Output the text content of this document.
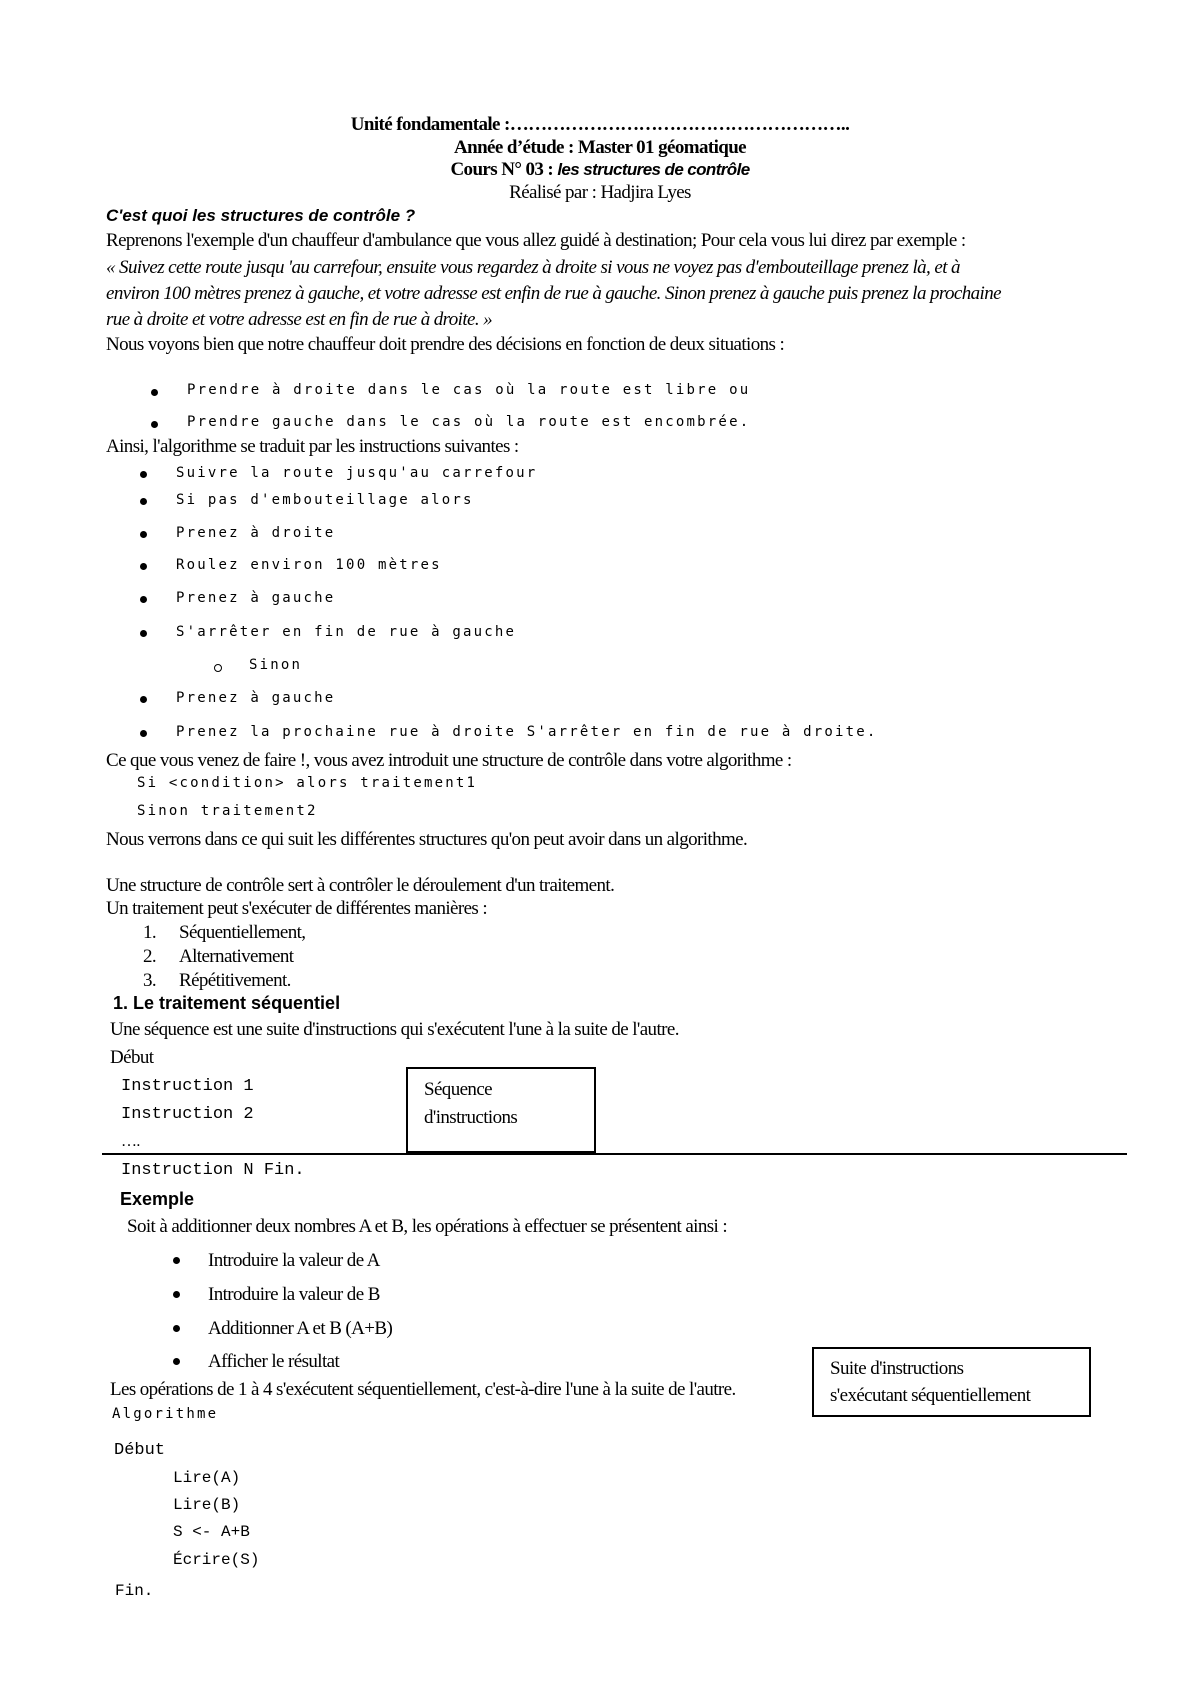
Unité fondamentale :………………………………………………..
Année d’étude : Master 01 géomatique
Cours N° 03 : les structures de contrôle
Réalisé par : Hadjira Lyes
C'est quoi les structures de contrôle ?
Reprenons l'exemple d'un chauffeur d'ambulance que vous allez guidé à destination; Pour cela vous lui direz par exemple :
« Suivez cette route jusqu 'au carrefour, ensuite vous regardez à droite si vous ne voyez pas d'embouteillage prenez là, et à
environ 100 mètres prenez à gauche, et votre adresse est enfin de rue à gauche. Sinon prenez à gauche puis prenez la prochaine
rue à droite et votre adresse est en fin de rue à droite. »
Nous voyons bien que notre chauffeur doit prendre des décisions en fonction de deux situations :
Prendre à droite dans le cas où la route est libre ou
Prendre gauche dans le cas où la route est encombrée.
Ainsi, l'algorithme se traduit par les instructions suivantes :
Suivre la route jusqu'au carrefour
Si pas d'embouteillage alors
Prenez à droite
Roulez environ 100 mètres
Prenez à gauche
S'arrêter en fin de rue à gauche
Sinon
Prenez à gauche
Prenez la prochaine rue à droite S'arrêter en fin de rue à droite.
Ce que vous venez de faire !, vous avez introduit une structure de contrôle dans votre algorithme :
Si <condition> alors traitement1
Sinon traitement2
Nous verrons dans ce qui suit les différentes structures qu'on peut avoir dans un algorithme.
Une structure de contrôle sert à contrôler le déroulement d'un traitement.
Un traitement peut s'exécuter de différentes manières :
1. Séquentiellement,
2. Alternativement
3. Répétitivement.
1. Le traitement séquentiel
Une séquence est une suite d'instructions qui s'exécutent l'une à la suite de l'autre.
Début
Instruction 1
Instruction 2
….
Séquence
d'instructions
Instruction N Fin.
Exemple
Soit à additionner deux nombres A et B, les opérations à effectuer se présentent ainsi :
Introduire la valeur de A
Introduire la valeur de B
Additionner A et B (A+B)
Afficher le résultat	Suite d'instructions
s'exécutant séquentiellement
Les opérations de 1 à 4 s'exécutent séquentiellement, c'est-à-dire l'une à la suite de l'autre.
Algorithme
Début
Lire(A)
Lire(B)
S <- A+B
Écrire(S)
Fin.
